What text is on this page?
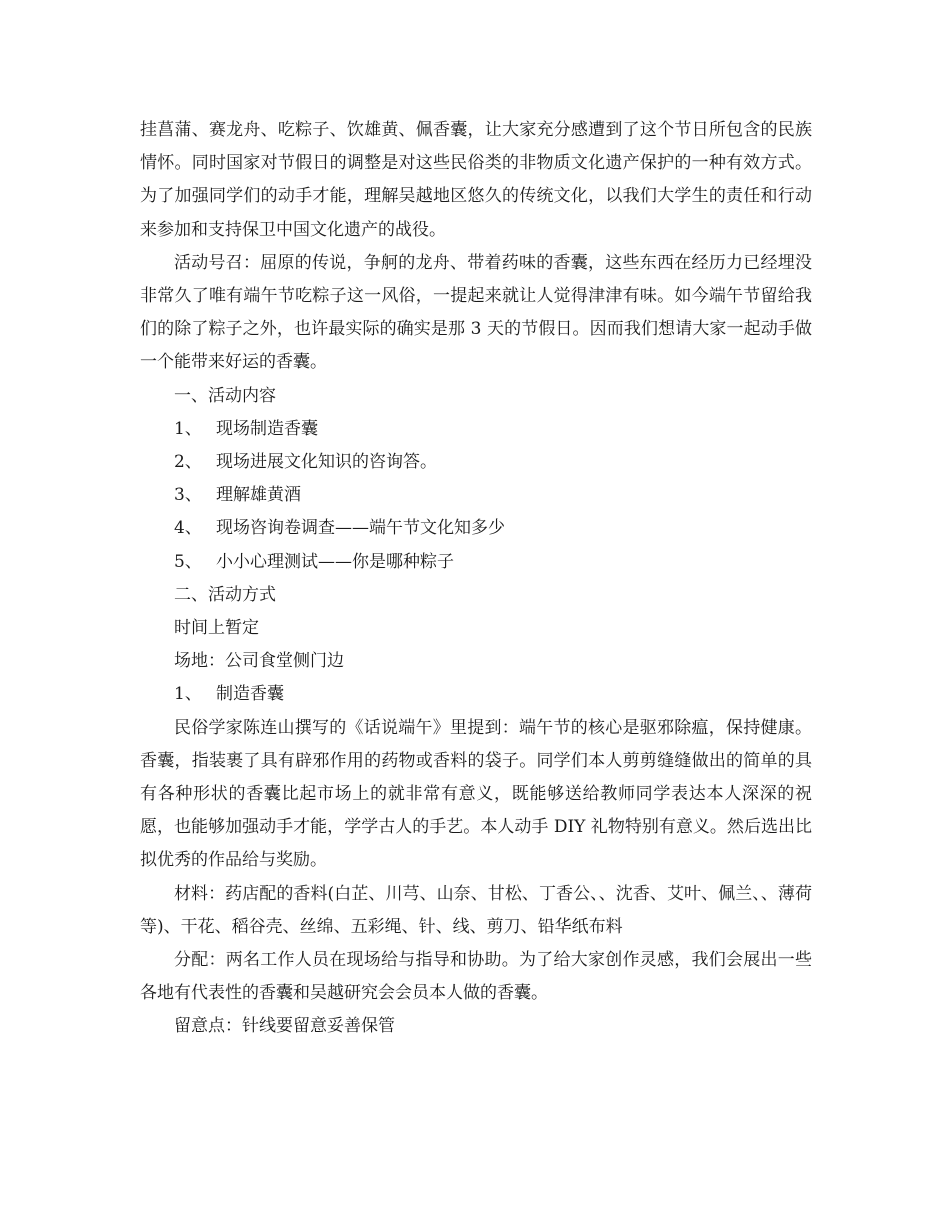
挂菖蒲、赛龙舟、吃粽子、饮雄黄、佩香囊，让大家充分感遭到了这个节日所包含的民族情怀。同时国家对节假日的调整是对这些民俗类的非物质文化遗产保护的一种有效方式。为了加强同学们的动手才能，理解吴越地区悠久的传统文化，以我们大学生的责任和行动来参加和支持保卫中国文化遗产的战役。

活动号召：屈原的传说，争舸的龙舟、带着药味的香囊，这些东西在经历力已经埋没非常久了唯有端午节吃粽子这一风俗，一提起来就让人觉得津津有味。如今端午节留给我们的除了粽子之外，也许最实际的确实是那 3 天的节假日。因而我们想请大家一起动手做一个能带来好运的香囊。

一、活动内容

1、 现场制造香囊

2、 现场进展文化知识的咨询答。

3、 理解雄黄酒

4、 现场咨询卷调查——端午节文化知多少

5、 小小心理测试——你是哪种粽子

二、活动方式

时间上暂定

场地：公司食堂侧门边

1、 制造香囊

民俗学家陈连山撰写的《话说端午》里提到：端午节的核心是驱邪除瘟，保持健康。香囊，指装裹了具有辟邪作用的药物或香料的袋子。同学们本人剪剪缝缝做出的简单的具有各种形状的香囊比起市场上的就非常有意义，既能够送给教师同学表达本人深深的祝愿，也能够加强动手才能，学学古人的手艺。本人动手 DIY 礼物特别有意义。然后选出比拟优秀的作品给与奖励。

材料：药店配的香料(白芷、川芎、山奈、甘松、丁香公、、沈香、艾叶、佩兰、、薄荷等)、干花、稻谷壳、丝绵、五彩绳、针、线、剪刀、铅华纸布料

分配：两名工作人员在现场给与指导和协助。为了给大家创作灵感，我们会展出一些各地有代表性的香囊和吴越研究会会员本人做的香囊。

留意点：针线要留意妥善保管
